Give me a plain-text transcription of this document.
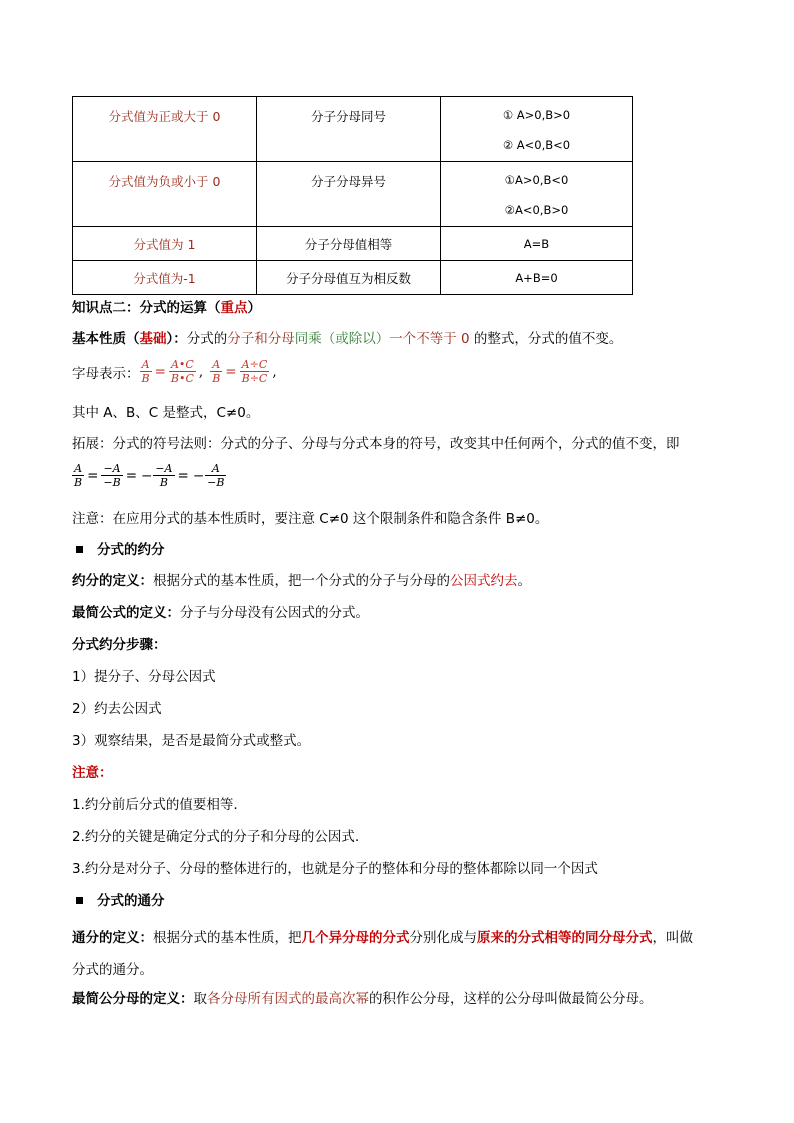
分式值为正或大于 0	分子分母同号	① A>0,B>0
② A<0,B<0

分式值为负或小于 0	分子分母异号	①A>0,B<0
②A<0,B>0

分式值为 1	分子分母值相等	A=B
分式值为-1	分子分母值互为相反数	A+B=0

知识点二：分式的运算（重点）

基本性质（基础）：分式的分子和分母同乘（或除以）一个不等于 0 的整式，分式的值不变。

字母表示： $\frac{A}{B} = \frac{A•C}{B•C}$ , $\frac{A}{B} = \frac{A\div C}{B\div C}$ ,

其中 A、B、C 是整式，C≠0。

拓展：分式的符号法则：分式的分子、分母与分式本身的符号，改变其中任何两个，分式的值不变，即

$\frac{A}{B} = \frac{-A}{-B}$ = − $\frac{-A}{B}$ = − $\frac{A}{-B}$

注意：在应用分式的基本性质时，要注意 C≠0 这个限制条件和隐含条件 B≠0。

分式的约分

约分的定义：根据分式的基本性质，把一个分式的分子与分母的公因式约去。

最简公式的定义：分子与分母没有公因式的分式。

分式约分步骤：

1）提分子、分母公因式

2）约去公因式

3）观察结果，是否是最简分式或整式。

注意：

1.约分前后分式的值要相等.

2.约分的关键是确定分式的分子和分母的公因式.

3.约分是对分子、分母的整体进行的，也就是分子的整体和分母的整体都除以同一个因式

分式的通分

通分的定义：根据分式的基本性质，把几个异分母的分式分别化成与原来的分式相等的同分母分式，叫做
分式的通分。

最简公分母的定义：取各分母所有因式的最高次幂的积作公分母，这样的公分母叫做最简公分母。
